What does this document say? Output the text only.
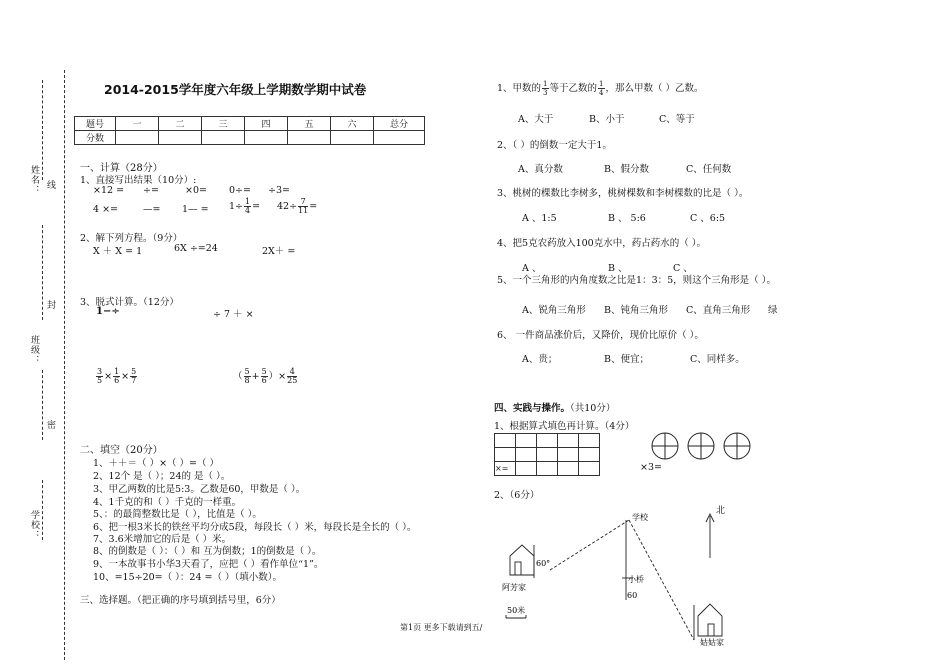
姓名：
班级：
学校：
线
封
密
2014-2015学年度六年级上学期数学期中试卷
题号	一	二	三	四	五	六	总分
分数							
一、计算（28分）
1、直接写出结果（10分）:
×12 = ÷=	×0= 0÷= ÷3=
4 ×=	—= 1— = $1\div \frac{1}{4} = 42\div \frac{7}{11}$ =
2、解下列方程。（9分）
X ＋ X = 1	6X ÷=24	2X＋ =
3、脱式计算。（12分）
1−÷	÷ 7 ＋ ×
$\frac{3}{5} \times \frac{1}{6} \times \frac{5}{7}$	（ $\frac{5}{8} + \frac{5}{6}$ ）× $\frac{4}{25}$
二、填空（20分）
1、＋＋＝（ ）×（ ）=（ ）
2、12个 是（ ）；24的 是（ ）。
3、甲乙两数的比是5:3。乙数是60，甲数是（ ）。
4、1千克的和（ ）千克的一样重。
5、：的最简整数比是（ ），比值是（ ）。
6、把一根3米长的铁丝平均分成5段，每段长（ ）米，每段长是全长的（ ）。
7、3.6米增加它的后是（ ）米。
8、的倒数是（ ）：（ ）和 互为倒数；1的倒数是（ ）。
9、一本故事书小华3天看了，应把（ ）看作单位“1”。
10、=15÷20=（ ）：24 =（ ）（填小数）。
三、选择题。（把正确的序号填到括号里，6分）
1、甲数的 $\frac{1}{3}$ 等于乙数的 $\frac{1}{4}$ ，那么甲数（ ）乙数。
A、大于	B、小于	C、等于
2、（ ）的倒数一定大于1。
A、真分数	B、假分数	C、任何数
3、桃树的棵数比李树多，桃树棵数和李树棵数的比是（ ）。
A 、1:5	B 、 5:6	C 、6:5
4、把5克农药放入100克水中，药占药水的（ ）。
A 、	B 、	C 、
5、一个三角形的内角度数之比是1：3：5，则这个三角形是（ ）。
A、锐角三角形 B、钝角三角形 C、直角三角形 绿
6、 一件商品涨价后，又降价，现价比原价（ ）。
A、贵；	B、便宜；	C、同样多。
四、实践与操作。（共10分）
1、根据算式填色再计算。（4分）

×=					×3=
2、（6分）
北
学校
小桥
阿芳家
姑姑家
60°
60
50米
第1页 更多下载请到五/
